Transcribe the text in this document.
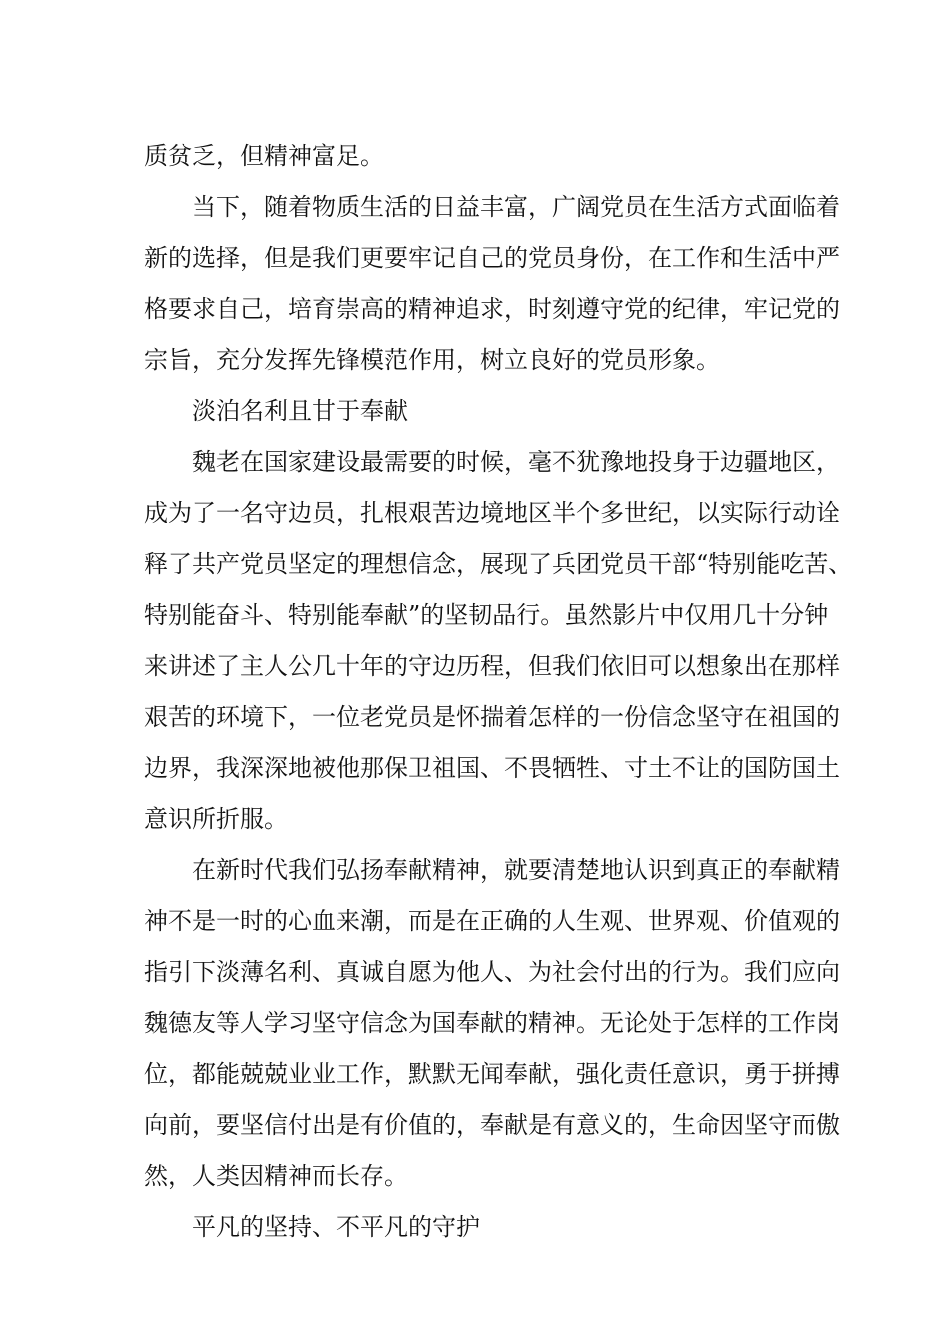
质贫乏，但精神富足。
当下，随着物质生活的日益丰富，广阔党员在生活方式面临着
新的选择，但是我们更要牢记自己的党员身份，在工作和生活中严
格要求自己，培育崇高的精神追求，时刻遵守党的纪律，牢记党的
宗旨，充分发挥先锋模范作用，树立良好的党员形象。
淡泊名利且甘于奉献
魏老在国家建设最需要的时候，毫不犹豫地投身于边疆地区，
成为了一名守边员，扎根艰苦边境地区半个多世纪，以实际行动诠
释了共产党员坚定的理想信念，展现了兵团党员干部“特别能吃苦、
特别能奋斗、特别能奉献”的坚韧品行。虽然影片中仅用几十分钟
来讲述了主人公几十年的守边历程，但我们依旧可以想象出在那样
艰苦的环境下，一位老党员是怀揣着怎样的一份信念坚守在祖国的
边界，我深深地被他那保卫祖国、不畏牺牲、寸土不让的国防国土
意识所折服。
在新时代我们弘扬奉献精神，就要清楚地认识到真正的奉献精
神不是一时的心血来潮，而是在正确的人生观、世界观、价值观的
指引下淡薄名利、真诚自愿为他人、为社会付出的行为。我们应向
魏德友等人学习坚守信念为国奉献的精神。无论处于怎样的工作岗
位，都能兢兢业业工作，默默无闻奉献，强化责任意识，勇于拼搏
向前，要坚信付出是有价值的，奉献是有意义的，生命因坚守而傲
然，人类因精神而长存。
平凡的坚持、不平凡的守护
